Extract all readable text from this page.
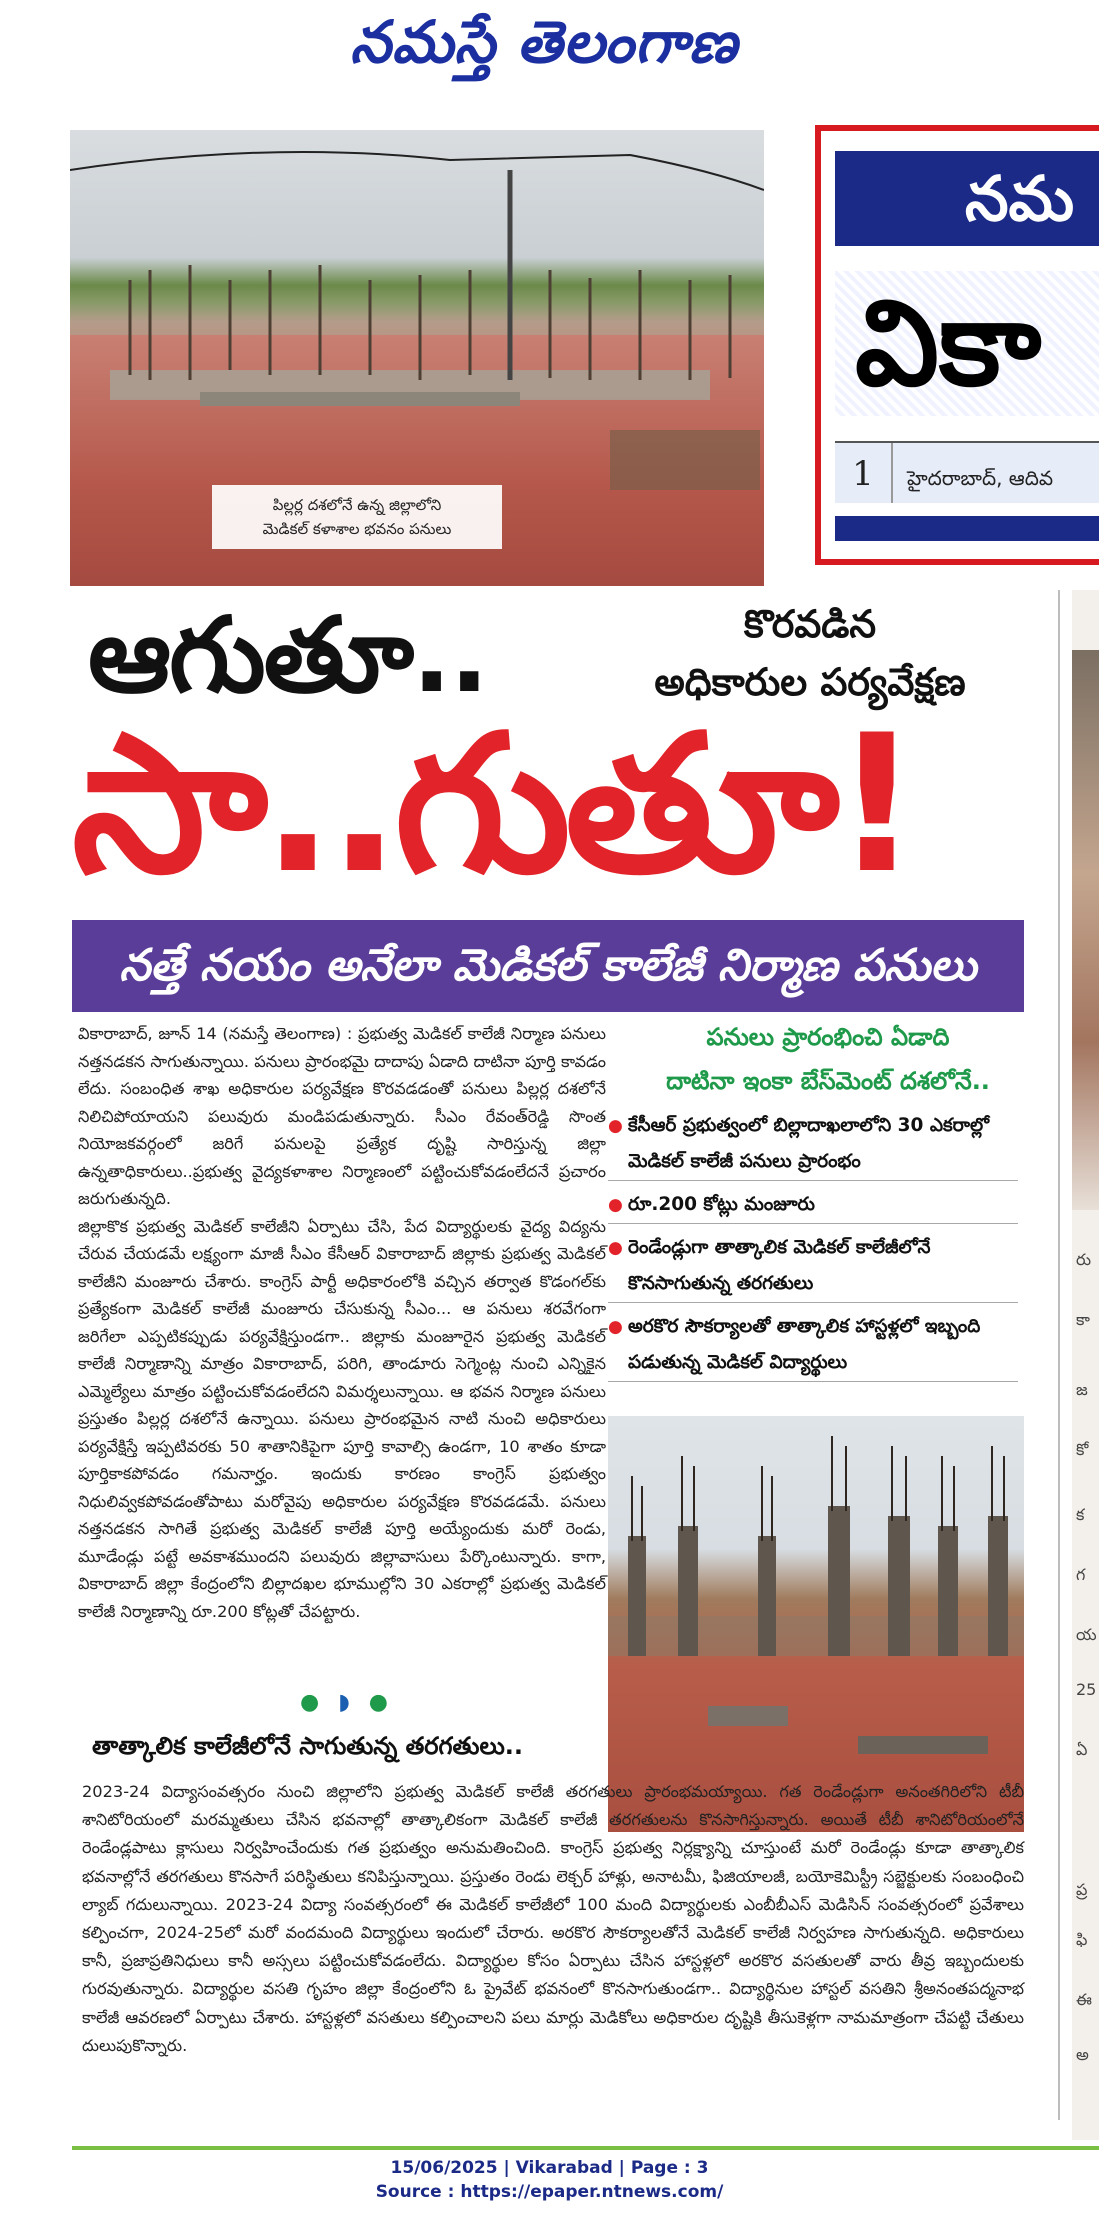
నమస్తే తెలంగాణ
పిల్లర్ల దశలోనే ఉన్న జిల్లాలోని
మెడికల్ కళాశాల భవనం పనులు
నమ
వికా
1 హైదరాబాద్, ఆదివ
ఆగుతూ..	కొరవడిన
అధికారుల పర్యవేక్షణ
సా..గుతూ!
నత్తే నయం అనేలా మెడికల్ కాలేజీ నిర్మాణ పనులు

వికారాబాద్, జూన్ 14 (నమస్తే తెలంగాణ) : ప్రభుత్వ మెడికల్ కాలేజీ నిర్మాణ పనులు నత్తనడకన సాగుతున్నాయి. పనులు ప్రారంభమై దాదాపు ఏడాది దాటినా పూర్తి కావడం లేదు. సంబంధిత శాఖ అధికారుల పర్యవేక్షణ కొరవడడంతో పనులు పిల్లర్ల దశలోనే నిలిచిపోయాయని పలువురు మండిపడుతున్నారు. సీఎం రేవంత్‌రెడ్డి సొంత నియోజకవర్గంలో జరిగే పనులపై ప్రత్యేక దృష్టి సారిస్తున్న జిల్లా ఉన్నతాధికారులు..ప్రభుత్వ వైద్యకళాశాల నిర్మాణంలో పట్టించుకోవడంలేదనే ప్రచారం జరుగుతున్నది.

జిల్లాకొక ప్రభుత్వ మెడికల్ కాలేజీని ఏర్పాటు చేసి, పేద విద్యార్థులకు వైద్య విద్యను చేరువ చేయడమే లక్ష్యంగా మాజీ సీఎం కేసీఆర్ వికారాబాద్ జిల్లాకు ప్రభుత్వ మెడికల్ కాలేజీని మంజూరు చేశారు. కాంగ్రెస్ పార్టీ అధికారంలోకి వచ్చిన తర్వాత కొడంగల్‌కు ప్రత్యేకంగా మెడికల్ కాలేజీ మంజూరు చేసుకున్న సీఎం... ఆ పనులు శరవేగంగా జరిగేలా ఎప్పటికప్పుడు పర్యవేక్షిస్తుండగా.. జిల్లాకు మంజూరైన ప్రభుత్వ మెడికల్ కాలేజీ నిర్మాణాన్ని మాత్రం వికారాబాద్, పరిగి, తాండూరు సెగ్మెంట్ల నుంచి ఎన్నికైన ఎమ్మెల్యేలు మాత్రం పట్టించుకోవడంలేదని విమర్శలున్నాయి. ఆ భవన నిర్మాణ పనులు ప్రస్తుతం పిల్లర్ల దశలోనే ఉన్నాయి. పనులు ప్రారంభమైన నాటి నుంచి అధికారులు పర్యవేక్షిస్తే ఇప్పటివరకు 50 శాతానికిపైగా పూర్తి కావాల్సి ఉండగా, 10 శాతం కూడా పూర్తికాకపోవడం గమనార్హం. ఇందుకు కారణం కాంగ్రెస్ ప్రభుత్వం నిధులివ్వకపోవడంతోపాటు మరోవైపు అధికారుల పర్యవేక్షణ కొరవడడమే. పనులు నత్తనడకన సాగితే ప్రభుత్వ మెడికల్ కాలేజీ పూర్తి అయ్యేందుకు మరో రెండు, మూడేండ్లు పట్టే అవకాశముందని పలువురు జిల్లావాసులు పేర్కొంటున్నారు. కాగా, వికారాబాద్ జిల్లా కేంద్రంలోని బిల్లాదఖల భూముల్లోని 30 ఎకరాల్లో ప్రభుత్వ మెడికల్ కాలేజీ నిర్మాణాన్ని రూ.200 కోట్లతో చేపట్టారు.

పనులు ప్రారంభించి ఏడాది
దాటినా ఇంకా బేస్‌మెంట్ దశలోనే..
● కేసీఆర్ ప్రభుత్వంలో బిల్లాదాఖలాలోని 30 ఎకరాల్లో మెడికల్ కాలేజీ పనులు ప్రారంభం
● రూ.200 కోట్లు మంజూరు
● రెండేండ్లుగా తాత్కాలిక మెడికల్ కాలేజీలోనే కొనసాగుతున్న తరగతులు
● అరకొర సౌకర్యాలతో తాత్కాలిక హాస్టళ్లలో ఇబ్బంది పడుతున్న మెడికల్ విద్యార్థులు
● ◗ ●
తాత్కాలిక కాలేజీలోనే సాగుతున్న తరగతులు..
2023-24 విద్యాసంవత్సరం నుంచి జిల్లాలోని ప్రభుత్వ మెడికల్ కాలేజీ తరగతులు ప్రారంభమయ్యాయి. గత రెండేండ్లుగా అనంతగిరిలోని టీబీ శానిటోరియంలో మరమ్మతులు చేసిన భవనాల్లో తాత్కాలికంగా మెడికల్ కాలేజీ తరగతులను కొనసాగిస్తున్నారు. అయితే టీబీ శానిటోరియంలోనే రెండేండ్లపాటు క్లాసులు నిర్వహించేందుకు గత ప్రభుత్వం అనుమతించింది. కాంగ్రెస్ ప్రభుత్వ నిర్లక్ష్యాన్ని చూస్తుంటే మరో రెండేండ్లు కూడా తాత్కాలిక భవనాల్లోనే తరగతులు కొనసాగే పరిస్థితులు కనిపిస్తున్నాయి. ప్రస్తుతం రెండు లెక్చర్ హాళ్లు, అనాటమీ, ఫిజియాలజీ, బయోకెమిస్ట్రీ సబ్జెక్టులకు సంబంధించి ల్యాబ్ గదులున్నాయి. 2023-24 విద్యా సంవత్సరంలో ఈ మెడికల్ కాలేజీలో 100 మంది విద్యార్థులకు ఎంబీబీఎస్ మెడిసిన్ సంవత్సరంలో ప్రవేశాలు కల్పించగా, 2024-25లో మరో వందమంది విద్యార్థులు ఇందులో చేరారు. అరకొర సౌకర్యాలతోనే మెడికల్ కాలేజీ నిర్వహణ సాగుతున్నది. అధికారులు కానీ, ప్రజాప్రతినిధులు కానీ అస్సలు పట్టించుకోవడంలేదు. విద్యార్థుల కోసం ఏర్పాటు చేసిన హాస్టళ్లలో అరకొర వసతులతో వారు తీవ్ర ఇబ్బందులకు గురవుతున్నారు. విద్యార్థుల వసతి గృహం జిల్లా కేంద్రంలోని ఓ ప్రైవేట్ భవనంలో కొనసాగుతుండగా.. విద్యార్థినుల హాస్టల్ వసతిని శ్రీఅనంతపద్మనాభ కాలేజీ ఆవరణలో ఏర్పాటు చేశారు. హాస్టళ్లలో వసతులు కల్పించాలని పలు మార్లు మెడికోలు అధికారుల దృష్టికి తీసుకెళ్లగా నామమాత్రంగా చేపట్టి చేతులు దులుపుకొన్నారు.
రు
కా
జ
కో
క
గ
య
25
ఏ
ప్ర
ఫి
ఈ
అ
15/06/2025 | Vikarabad | Page : 3
Source : https://epaper.ntnews.com/
